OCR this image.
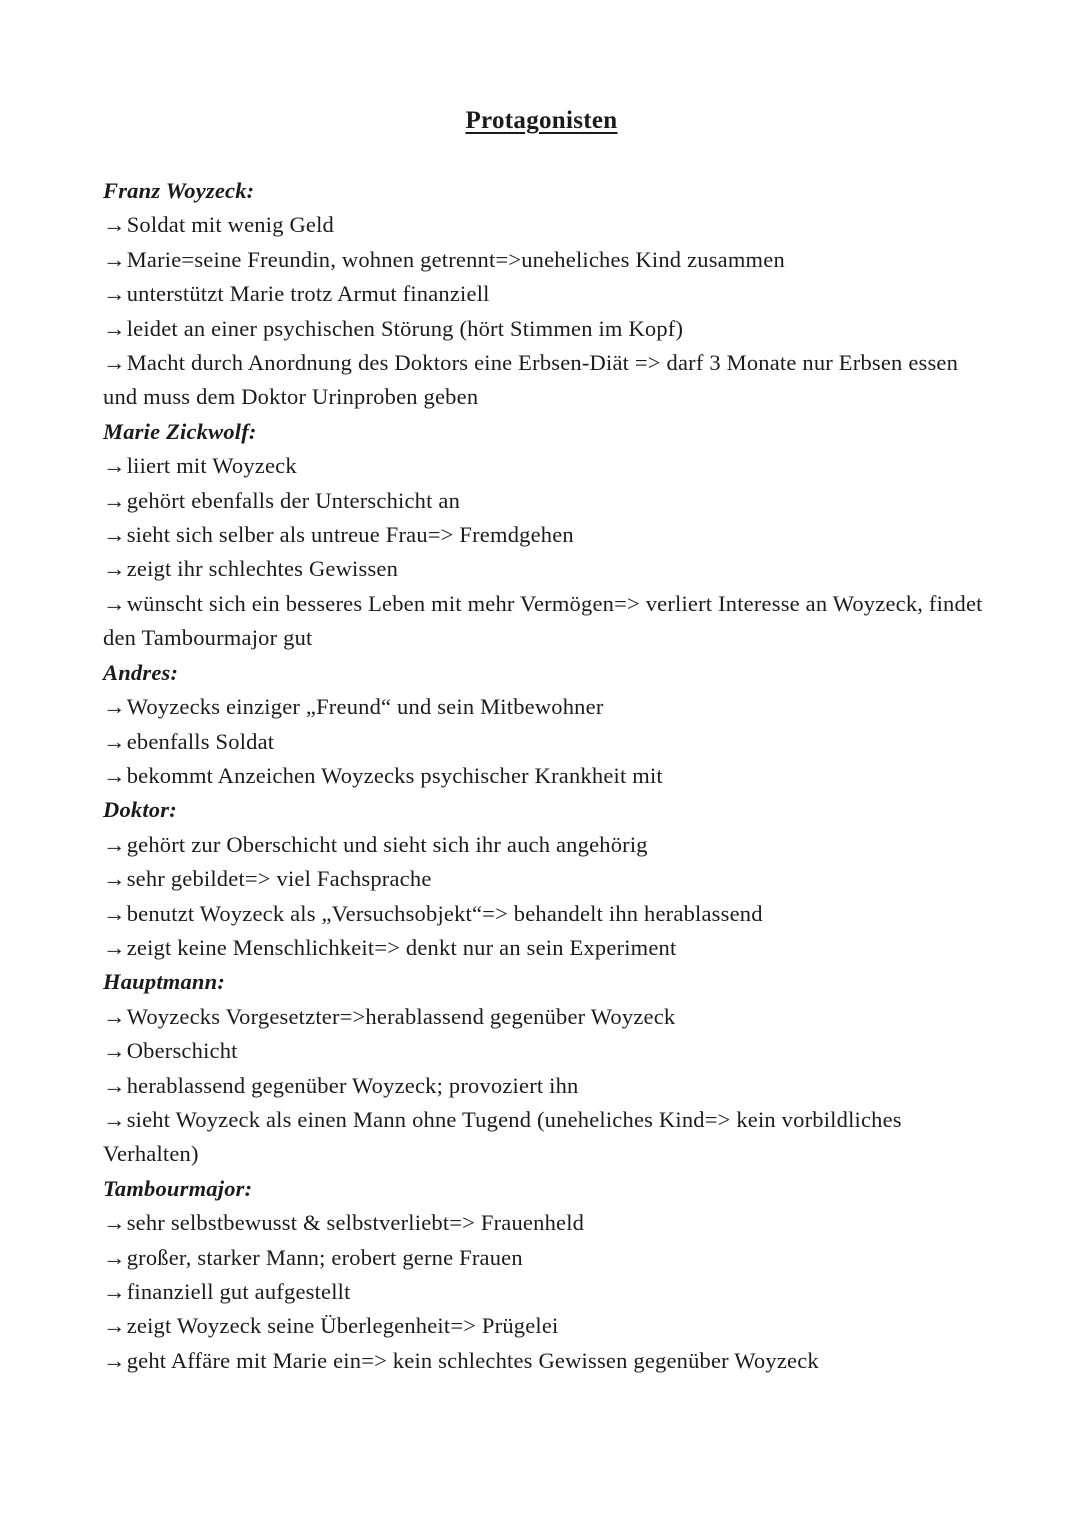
Protagonisten
Franz Woyzeck:
→Soldat mit wenig Geld
→Marie=seine Freundin, wohnen getrennt=>uneheliches Kind zusammen
→unterstützt Marie trotz Armut finanziell
→leidet an einer psychischen Störung (hört Stimmen im Kopf)
→Macht durch Anordnung des Doktors eine Erbsen-Diät => darf 3 Monate nur Erbsen essen und muss dem Doktor Urinproben geben
Marie Zickwolf:
→liiert mit Woyzeck
→gehört ebenfalls der Unterschicht an
→sieht sich selber als untreue Frau=> Fremdgehen
→zeigt ihr schlechtes Gewissen
→wünscht sich ein besseres Leben mit mehr Vermögen=> verliert Interesse an Woyzeck, findet den Tambourmajor gut
Andres:
→Woyzecks einziger „Freund“ und sein Mitbewohner
→ebenfalls Soldat
→bekommt Anzeichen Woyzecks psychischer Krankheit mit
Doktor:
→gehört zur Oberschicht und sieht sich ihr auch angehörig
→sehr gebildet=> viel Fachsprache
→benutzt Woyzeck als „Versuchsobjekt“=> behandelt ihn herablassend
→zeigt keine Menschlichkeit=> denkt nur an sein Experiment
Hauptmann:
→Woyzecks Vorgesetzter=>herablassend gegenüber Woyzeck
→Oberschicht
→herablassend gegenüber Woyzeck; provoziert ihn
→sieht Woyzeck als einen Mann ohne Tugend (uneheliches Kind=> kein vorbildliches Verhalten)
Tambourmajor:
→sehr selbstbewusst & selbstverliebt=> Frauenheld
→großer, starker Mann; erobert gerne Frauen
→finanziell gut aufgestellt
→zeigt Woyzeck seine Überlegenheit=> Prügelei
→geht Affäre mit Marie ein=> kein schlechtes Gewissen gegenüber Woyzeck
